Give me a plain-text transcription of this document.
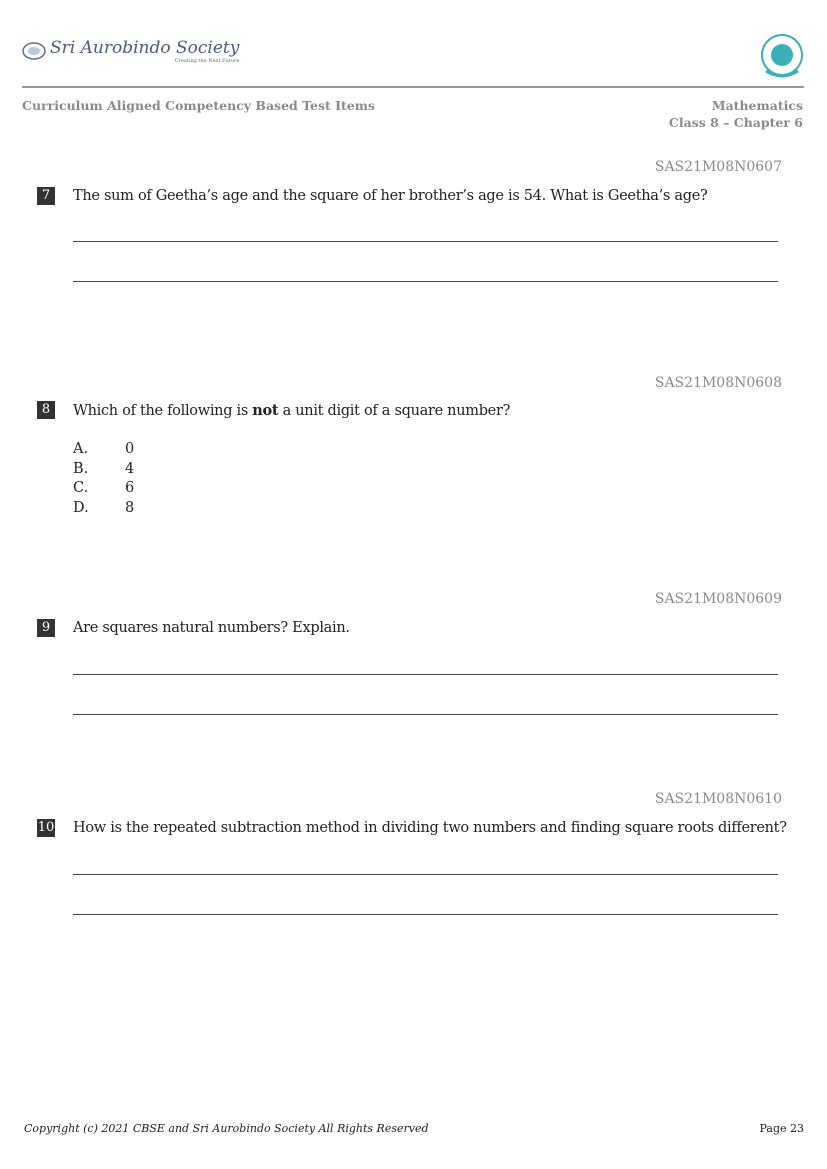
Sri Aurobindo Society
Creating the Next Future
Curriculum Aligned Competency Based Test Items	Mathematics
Class 8 – Chapter 6
SAS21M08N0607
7	The sum of Geetha’s age and the square of her brother’s age is 54. What is Geetha’s age?
SAS21M08N0608
8	Which of the following is not a unit digit of a square number?
A.	0
B.	4
C.	6
D.	8
SAS21M08N0609
9	Are squares natural numbers? Explain.
SAS21M08N0610
10 How is the repeated subtraction method in dividing two numbers and finding square roots different?
Copyright (c) 2021 CBSE and Sri Aurobindo Society All Rights Reserved	Page 23
